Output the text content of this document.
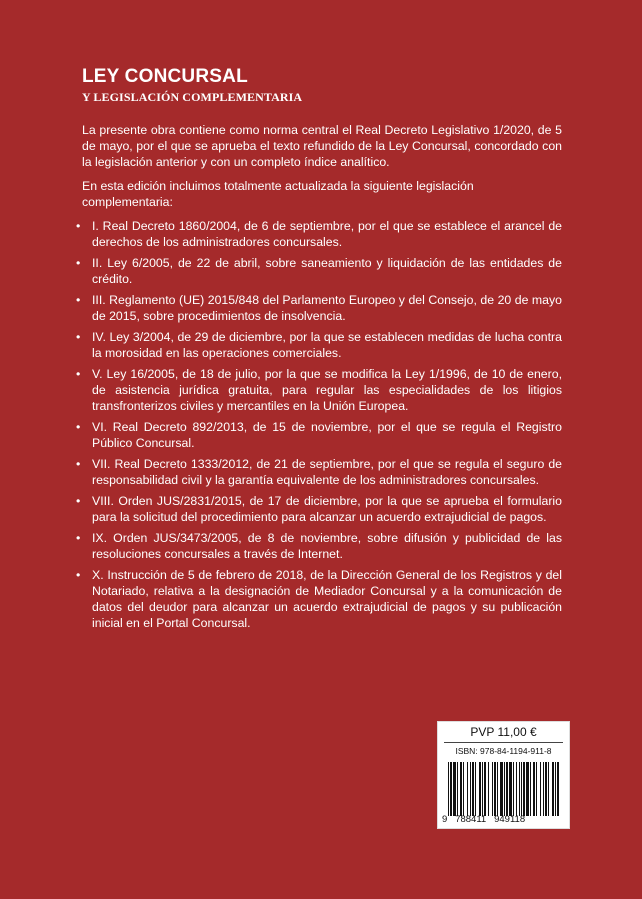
LEY CONCURSAL
Y LEGISLACIÓN COMPLEMENTARIA

La presente obra contiene como norma central el Real Decreto Legislativo 1/2020, de 5 de mayo, por el que se aprueba el texto refundido de la Ley Concursal, concordado con la legislación anterior y con un completo índice analítico.

En esta edición incluimos totalmente actualizada la siguiente legislación complementaria:

• I. Real Decreto 1860/2004, de 6 de septiembre, por el que se establece el arancel de derechos de los administradores concursales.
• II. Ley 6/2005, de 22 de abril, sobre saneamiento y liquidación de las entidades de crédito.
• III. Reglamento (UE) 2015/848 del Parlamento Europeo y del Consejo, de 20 de mayo de 2015, sobre procedimientos de insolvencia.
• IV. Ley 3/2004, de 29 de diciembre, por la que se establecen medidas de lucha contra la morosidad en las operaciones comerciales.
• V. Ley 16/2005, de 18 de julio, por la que se modifica la Ley 1/1996, de 10 de enero, de asistencia jurídica gratuita, para regular las especialidades de los litigios transfronterizos civiles y mercantiles en la Unión Europea.
• VI. Real Decreto 892/2013, de 15 de noviembre, por el que se regula el Registro Público Concursal.
• VII. Real Decreto 1333/2012, de 21 de septiembre, por el que se regula el seguro de responsabilidad civil y la garantía equivalente de los administradores concursales.
• VIII. Orden JUS/2831/2015, de 17 de diciembre, por la que se aprueba el formulario para la solicitud del procedimiento para alcanzar un acuerdo extrajudicial de pagos.
• IX. Orden JUS/3473/2005, de 8 de noviembre, sobre difusión y publicidad de las resoluciones concursales a través de Internet.
• X. Instrucción de 5 de febrero de 2018, de la Dirección General de los Registros y del Notariado, relativa a la designación de Mediador Concursal y a la comunicación de datos del deudor para alcanzar un acuerdo extrajudicial de pagos y su publicación inicial en el Portal Concursal.

PVP 11,00 €

ISBN: 978-84-1194-911-8

9   788411   949118
